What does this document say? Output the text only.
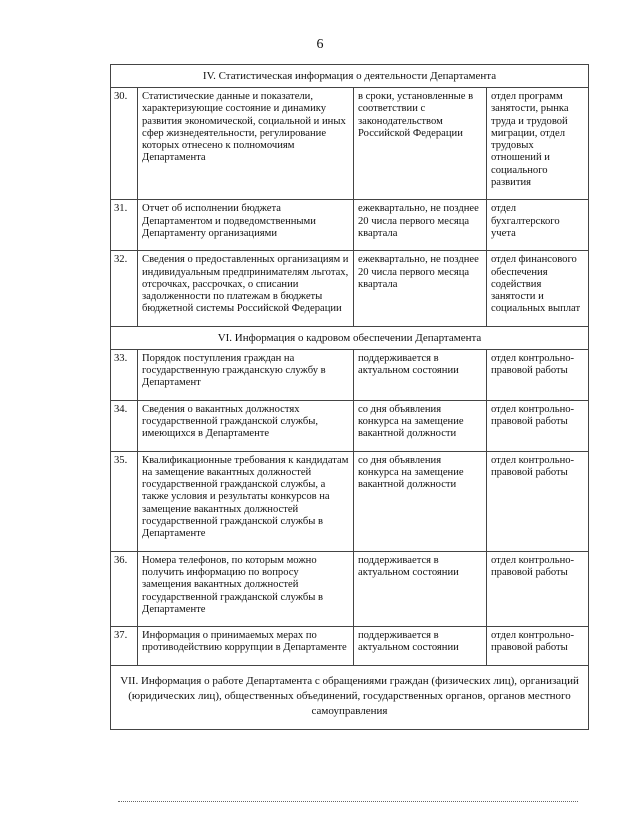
6
IV. Статистическая информация о деятельности Департамента			
30.	Статистические данные и показатели, характеризующие состояние и динамику развития экономической, социальной и иных сфер жизнедеятельности, регулирование которых отнесено к полномочиям Департамента	в сроки, установленные в соответствии с законодательством Российской Федерации	отдел программ занятости, рынка труда и трудовой миграции, отдел трудовых отношений и социального развития
31.	Отчет об исполнении бюджета Департаментом и подведомственными Департаменту организациями	ежеквартально, не позднее 20 числа первого месяца квартала	отдел бухгалтерского учета
32.	Сведения о предоставленных организациям и индивидуальным предпринимателям льготах, отсрочках, рассрочках, о списании задолженности по платежам в бюджеты бюджетной системы Российской Федерации	ежеквартально, не позднее 20 числа первого месяца квартала	отдел финансового обеспечения содействия занятости и социальных выплат
VI. Информация о кадровом обеспечении Департамента			
33.	Порядок поступления граждан на государственную гражданскую службу в Департамент	поддерживается в актуальном состоянии	отдел контрольно-правовой работы
34.	Сведения о вакантных должностях государственной гражданской службы, имеющихся в Департаменте	со дня объявления конкурса на замещение вакантной должности	отдел контрольно-правовой работы
35.	Квалификационные требования к кандидатам на замещение вакантных должностей государственной гражданской службы, а также условия и результаты конкурсов на замещение вакантных должностей государственной гражданской службы в Департаменте	со дня объявления конкурса на замещение вакантной должности	отдел контрольно-правовой работы
36.	Номера телефонов, по которым можно получить информацию по вопросу замещения вакантных должностей государственной гражданской службы в Департаменте	поддерживается в актуальном состоянии	отдел контрольно-правовой работы
37.	Информация о принимаемых мерах по противодействию коррупции в Департаменте	поддерживается в актуальном состоянии	отдел контрольно-правовой работы
VII. Информация о работе Департамента с обращениями граждан (физических лиц), организаций (юридических лиц), общественных объединений, государственных органов, органов местного самоуправления			
